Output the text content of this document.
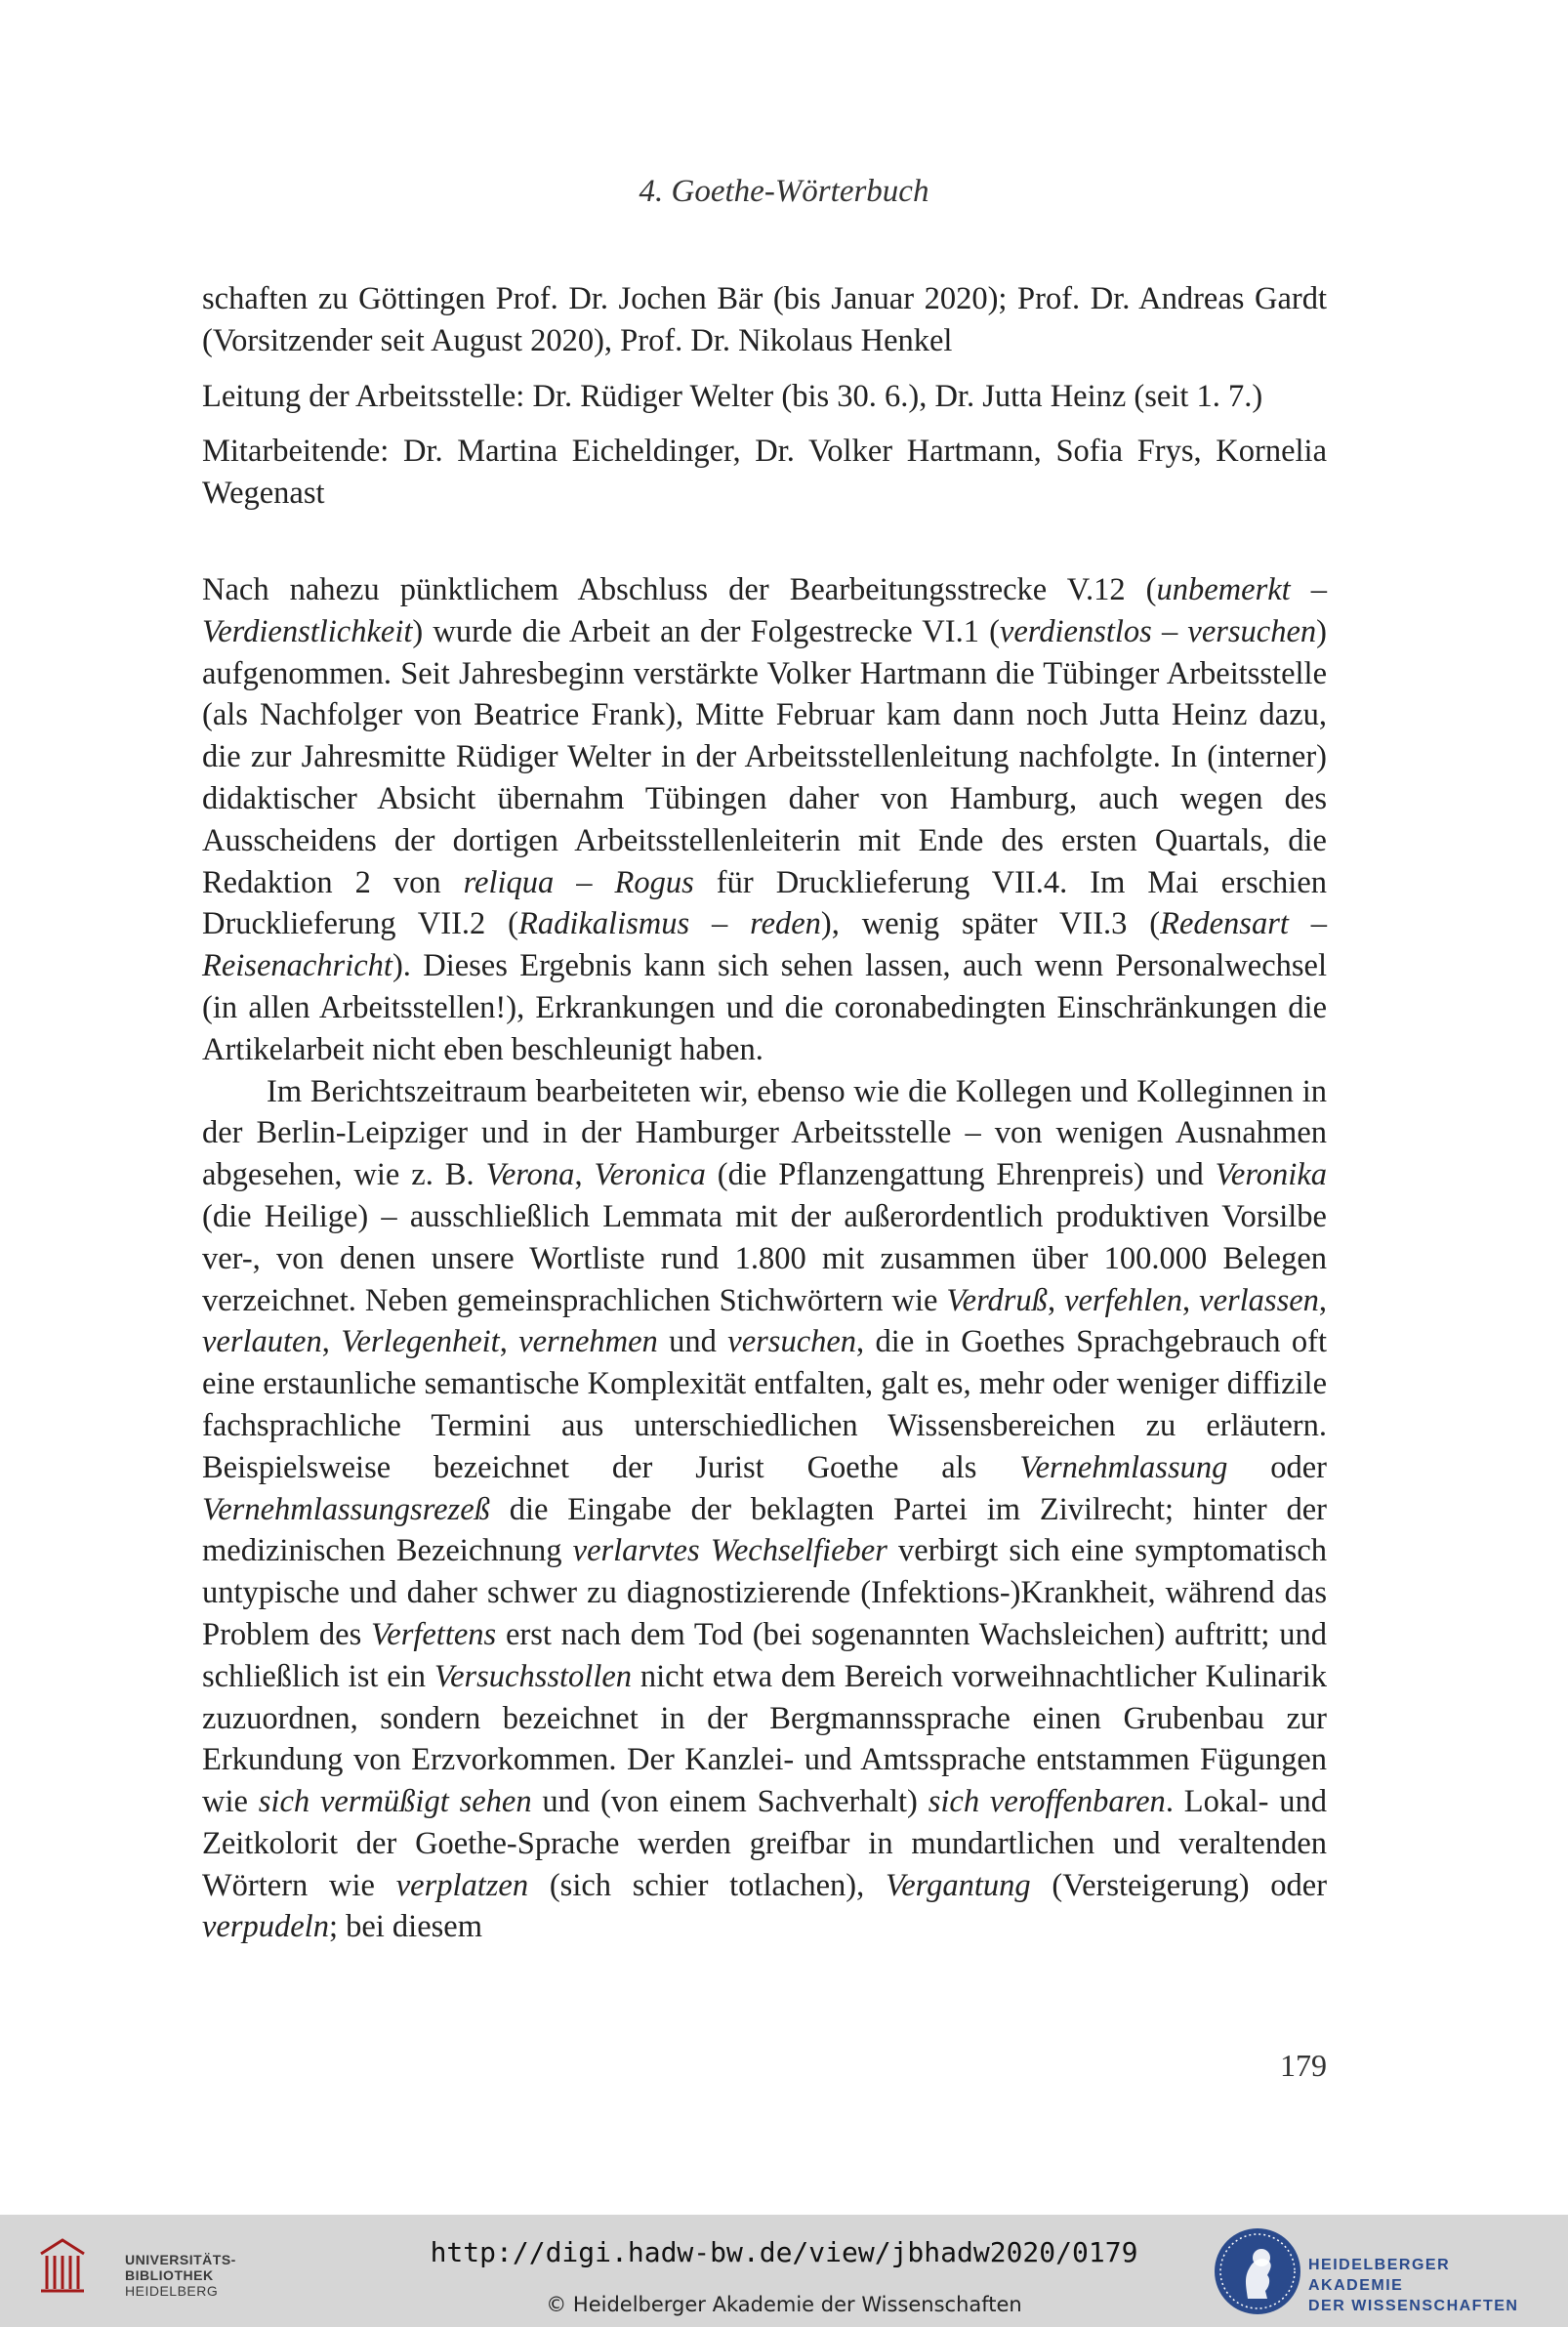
4. Goethe-Wörterbuch

schaften zu Göttingen Prof. Dr. Jochen Bär (bis Januar 2020); Prof. Dr. Andreas Gardt (Vorsitzender seit August 2020), Prof. Dr. Nikolaus Henkel

Leitung der Arbeitsstelle: Dr. Rüdiger Welter (bis 30. 6.), Dr. Jutta Heinz (seit 1. 7.)

Mitarbeitende: Dr. Martina Eicheldinger, Dr. Volker Hartmann, Sofia Frys, Kornelia Wegenast

Nach nahezu pünktlichem Abschluss der Bearbeitungsstrecke V.12 (unbemerkt – Verdienstlichkeit) wurde die Arbeit an der Folgestrecke VI.1 (verdienstlos – versuchen) aufgenommen. Seit Jahresbeginn verstärkte Volker Hartmann die Tübinger Arbeitsstelle (als Nachfolger von Beatrice Frank), Mitte Februar kam dann noch Jutta Heinz dazu, die zur Jahresmitte Rüdiger Welter in der Arbeitsstellenleitung nachfolgte. In (interner) didaktischer Absicht übernahm Tübingen daher von Hamburg, auch wegen des Ausscheidens der dortigen Arbeitsstellenleiterin mit Ende des ersten Quartals, die Redaktion 2 von reliqua – Rogus für Drucklieferung VII.4. Im Mai erschien Drucklieferung VII.2 (Radikalismus – reden), wenig später VII.3 (Redensart – Reisenachricht). Dieses Ergebnis kann sich sehen lassen, auch wenn Personalwechsel (in allen Arbeitsstellen!), Erkrankungen und die coronabedingten Einschränkungen die Artikelarbeit nicht eben beschleunigt haben.

Im Berichtszeitraum bearbeiteten wir, ebenso wie die Kollegen und Kolleginnen in der Berlin-Leipziger und in der Hamburger Arbeitsstelle – von wenigen Ausnahmen abgesehen, wie z. B. Verona, Veronica (die Pflanzengattung Ehrenpreis) und Veronika (die Heilige) – ausschließlich Lemmata mit der außerordentlich produktiven Vorsilbe ver-, von denen unsere Wortliste rund 1.800 mit zusammen über 100.000 Belegen verzeichnet. Neben gemeinsprachlichen Stichwörtern wie Verdruß, verfehlen, verlassen, verlauten, Verlegenheit, vernehmen und versuchen, die in Goethes Sprachgebrauch oft eine erstaunliche semantische Komplexität entfalten, galt es, mehr oder weniger diffizile fachsprachliche Termini aus unterschiedlichen Wissensbereichen zu erläutern. Beispielsweise bezeichnet der Jurist Goethe als Vernehmlassung oder Vernehmlassungsrezeß die Eingabe der beklagten Partei im Zivilrecht; hinter der medizinischen Bezeichnung verlarvtes Wechselfieber verbirgt sich eine symptomatisch untypische und daher schwer zu diagnostizierende (Infektions-)Krankheit, während das Problem des Verfettens erst nach dem Tod (bei sogenannten Wachsleichen) auftritt; und schließlich ist ein Versuchsstollen nicht etwa dem Bereich vorweihnachtlicher Kulinarik zuzuordnen, sondern bezeichnet in der Bergmannssprache einen Grubenbau zur Erkundung von Erzvorkommen. Der Kanzlei- und Amtssprache entstammen Fügungen wie sich vermüßigt sehen und (von einem Sachverhalt) sich veroffenbaren. Lokal- und Zeitkolorit der Goethe-Sprache werden greifbar in mundartlichen und veraltenden Wörtern wie verplatzen (sich schier totlachen), Vergantung (Versteigerung) oder verpudeln; bei diesem

179
UNIVERSITÄTS-
BIBLIOTHEK
HEIDELBERG
http://digi.hadw-bw.de/view/jbhadw2020/0179
© Heidelberger Akademie der Wissenschaften
HEIDELBERGER AKADEMIE
DER WISSENSCHAFTEN
